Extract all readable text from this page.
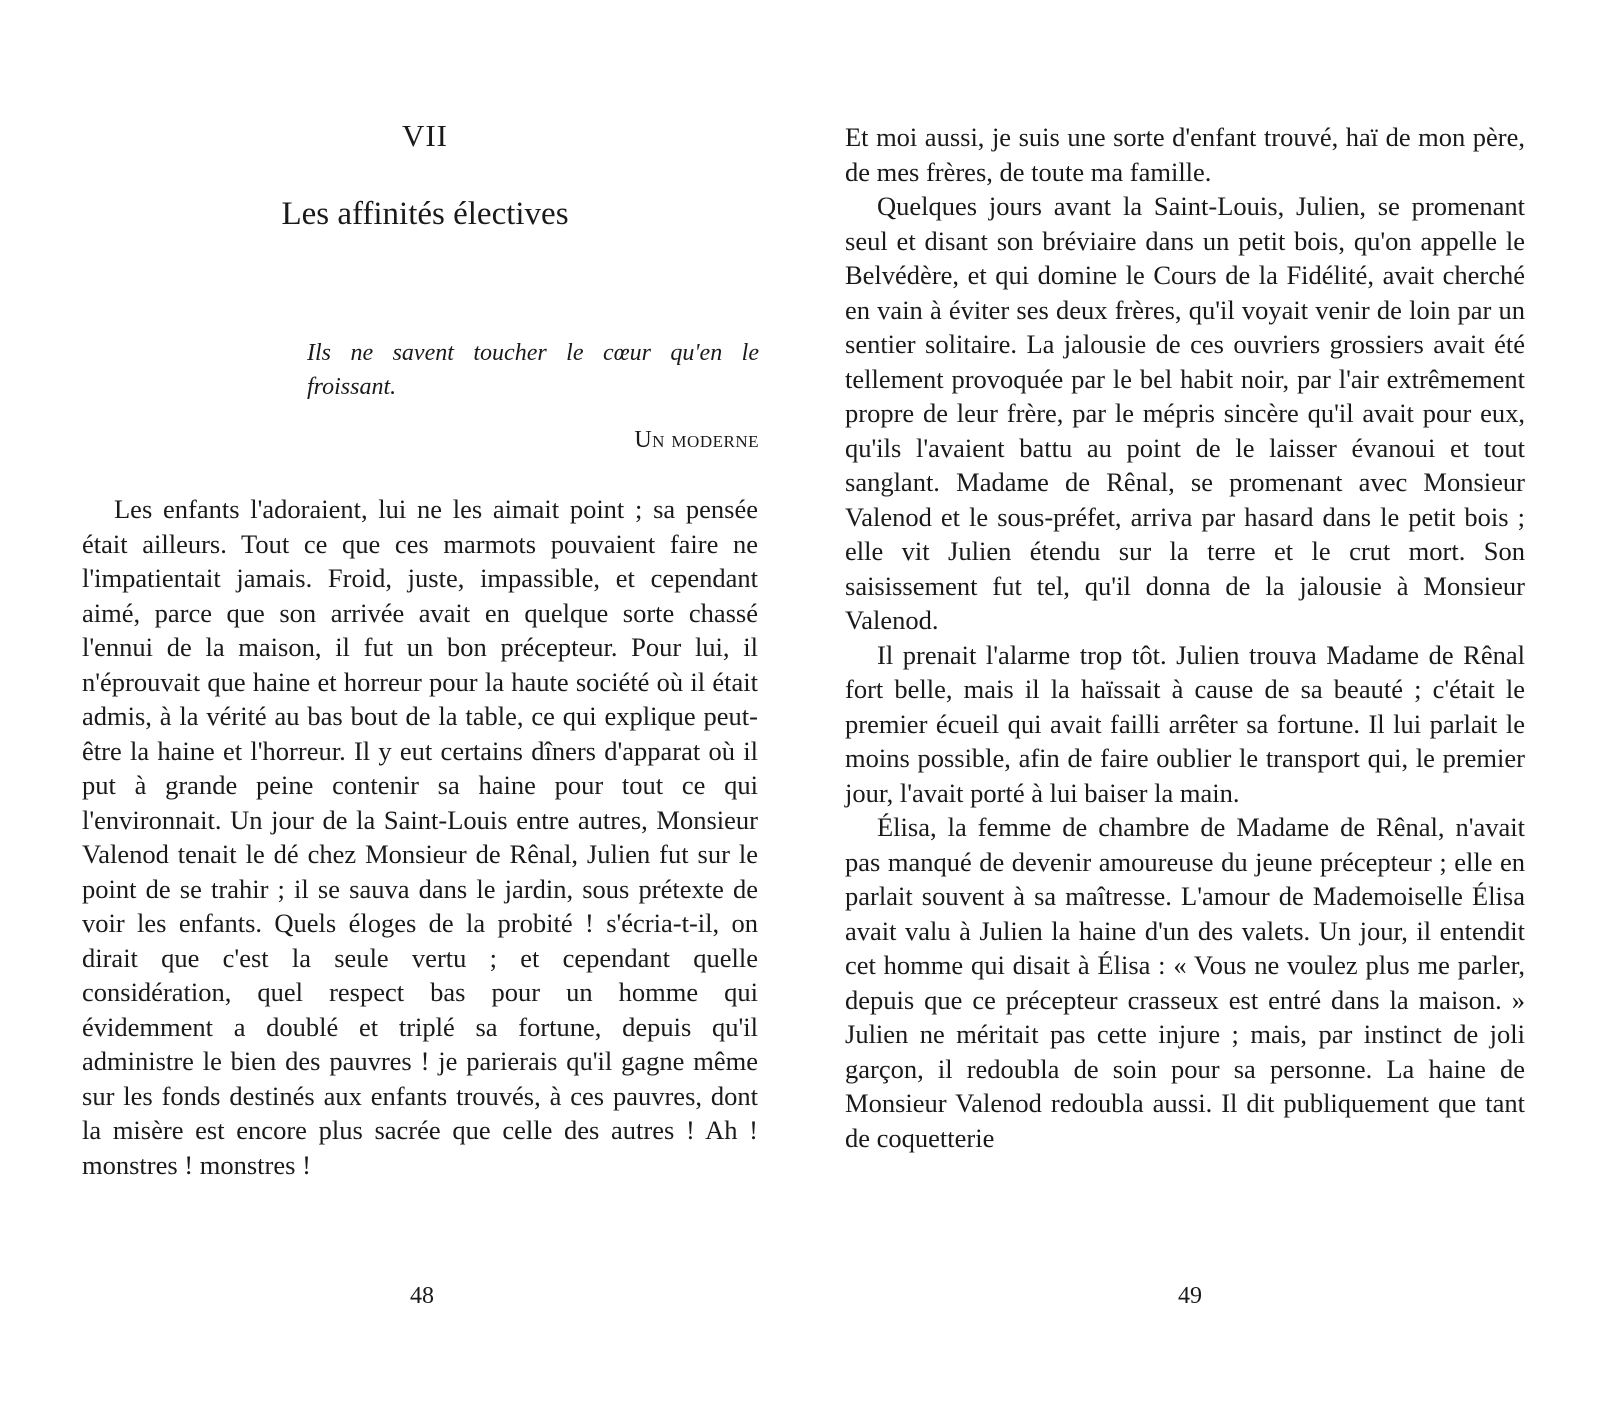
VII
Les affinités électives

Ils ne savent toucher le cœur qu'en le froissant.

Un moderne

Les enfants l'adoraient, lui ne les aimait point ; sa pensée était ailleurs. Tout ce que ces marmots pouvaient faire ne l'impatientait jamais. Froid, juste, impassible, et cependant aimé, parce que son arrivée avait en quelque sorte chassé l'ennui de la maison, il fut un bon précepteur. Pour lui, il n'éprouvait que haine et horreur pour la haute société où il était admis, à la vérité au bas bout de la table, ce qui explique peut-être la haine et l'horreur. Il y eut certains dîners d'apparat où il put à grande peine contenir sa haine pour tout ce qui l'environnait. Un jour de la Saint-Louis entre autres, Monsieur Valenod tenait le dé chez Monsieur de Rênal, Julien fut sur le point de se trahir ; il se sauva dans le jardin, sous prétexte de voir les enfants. Quels éloges de la probité ! s'écria-t-il, on dirait que c'est la seule vertu ; et cependant quelle considération, quel respect bas pour un homme qui évidemment a doublé et triplé sa fortune, depuis qu'il administre le bien des pauvres ! je parierais qu'il gagne même sur les fonds destinés aux enfants trouvés, à ces pauvres, dont la misère est encore plus sacrée que celle des autres ! Ah ! monstres ! monstres !

48

Et moi aussi, je suis une sorte d'enfant trouvé, haï de mon père, de mes frères, de toute ma famille.

Quelques jours avant la Saint-Louis, Julien, se promenant seul et disant son bréviaire dans un petit bois, qu'on appelle le Belvédère, et qui domine le Cours de la Fidélité, avait cherché en vain à éviter ses deux frères, qu'il voyait venir de loin par un sentier solitaire. La jalousie de ces ouvriers grossiers avait été tellement provoquée par le bel habit noir, par l'air extrêmement propre de leur frère, par le mépris sincère qu'il avait pour eux, qu'ils l'avaient battu au point de le laisser évanoui et tout sanglant. Madame de Rênal, se promenant avec Monsieur Valenod et le sous-préfet, arriva par hasard dans le petit bois ; elle vit Julien étendu sur la terre et le crut mort. Son saisissement fut tel, qu'il donna de la jalousie à Monsieur Valenod.

Il prenait l'alarme trop tôt. Julien trouva Madame de Rênal fort belle, mais il la haïssait à cause de sa beauté ; c'était le premier écueil qui avait failli arrêter sa fortune. Il lui parlait le moins possible, afin de faire oublier le transport qui, le premier jour, l'avait porté à lui baiser la main.

Élisa, la femme de chambre de Madame de Rênal, n'avait pas manqué de devenir amoureuse du jeune précepteur ; elle en parlait souvent à sa maîtresse. L'amour de Mademoiselle Élisa avait valu à Julien la haine d'un des valets. Un jour, il entendit cet homme qui disait à Élisa : « Vous ne voulez plus me parler, depuis que ce précepteur crasseux est entré dans la maison. » Julien ne méritait pas cette injure ; mais, par instinct de joli garçon, il redoubla de soin pour sa personne. La haine de Monsieur Valenod redoubla aussi. Il dit publiquement que tant de coquetterie

49
